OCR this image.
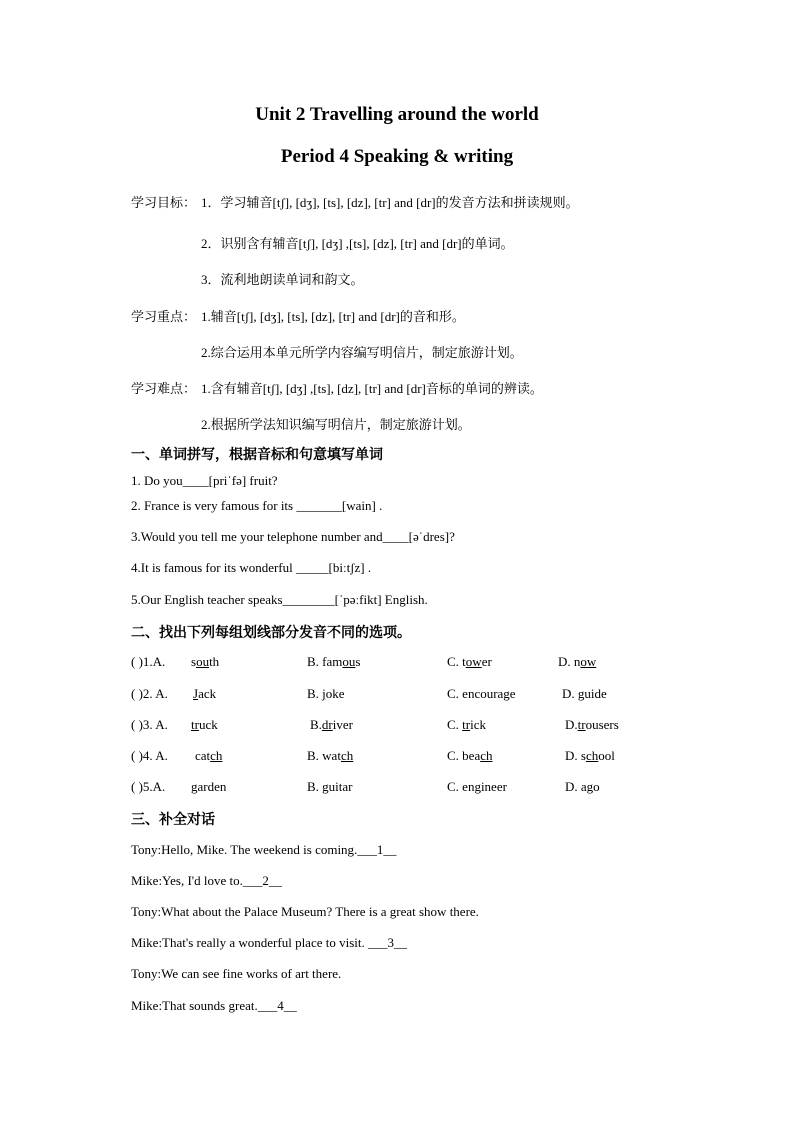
Unit 2 Travelling around the world
Period 4 Speaking & writing
学习目标： 1．学习辅音[tʃ], [dʒ], [ts], [dz], [tr] and [dr]的发音方法和拼读规则。
2．识别含有辅音[tʃ], [dʒ] ,[ts], [dz], [tr] and [dr]的单词。
3．流利地朗读单词和韵文。
学习重点： 1.辅音[tʃ], [dʒ], [ts], [dz], [tr] and [dr]的音和形。
2.综合运用本单元所学内容编写明信片，制定旅游计划。
学习难点： 1.含有辅音[tʃ], [dʒ] ,[ts], [dz], [tr] and [dr]音标的单词的辨读。
2.根据所学法知识编写明信片，制定旅游计划。
一、单词拼写，根据音标和句意填写单词
1. Do you____[priˈfə] fruit?
2. France is very famous for its _______[wain] .
3.Would you tell me your telephone number and____[əˈdres]?
4.It is famous for its wonderful _____[biːtʃz] .
5.Our English teacher speaks________[ˈpəːfikt] English.
二、找出下列每组划线部分发音不同的选项。
( )1.A. south	B. famous	C. tower	D. now
( )2. A. Jack	B. joke	C. encourage	D. guide
( )3. A. truck	B.driver	C. trick	D.trousers
( )4. A. catch	B. watch	C. beach	D. school
( )5.A. garden	B. guitar	C. engineer	D. ago
三、补全对话
Tony:Hello, Mike. The weekend is coming.___1__
Mike:Yes, I'd love to.___2__
Tony:What about the Palace Museum? There is a great show there.
Mike:That's really a wonderful place to visit. ___3__
Tony:We can see fine works of art there.
Mike:That sounds great.___4__
